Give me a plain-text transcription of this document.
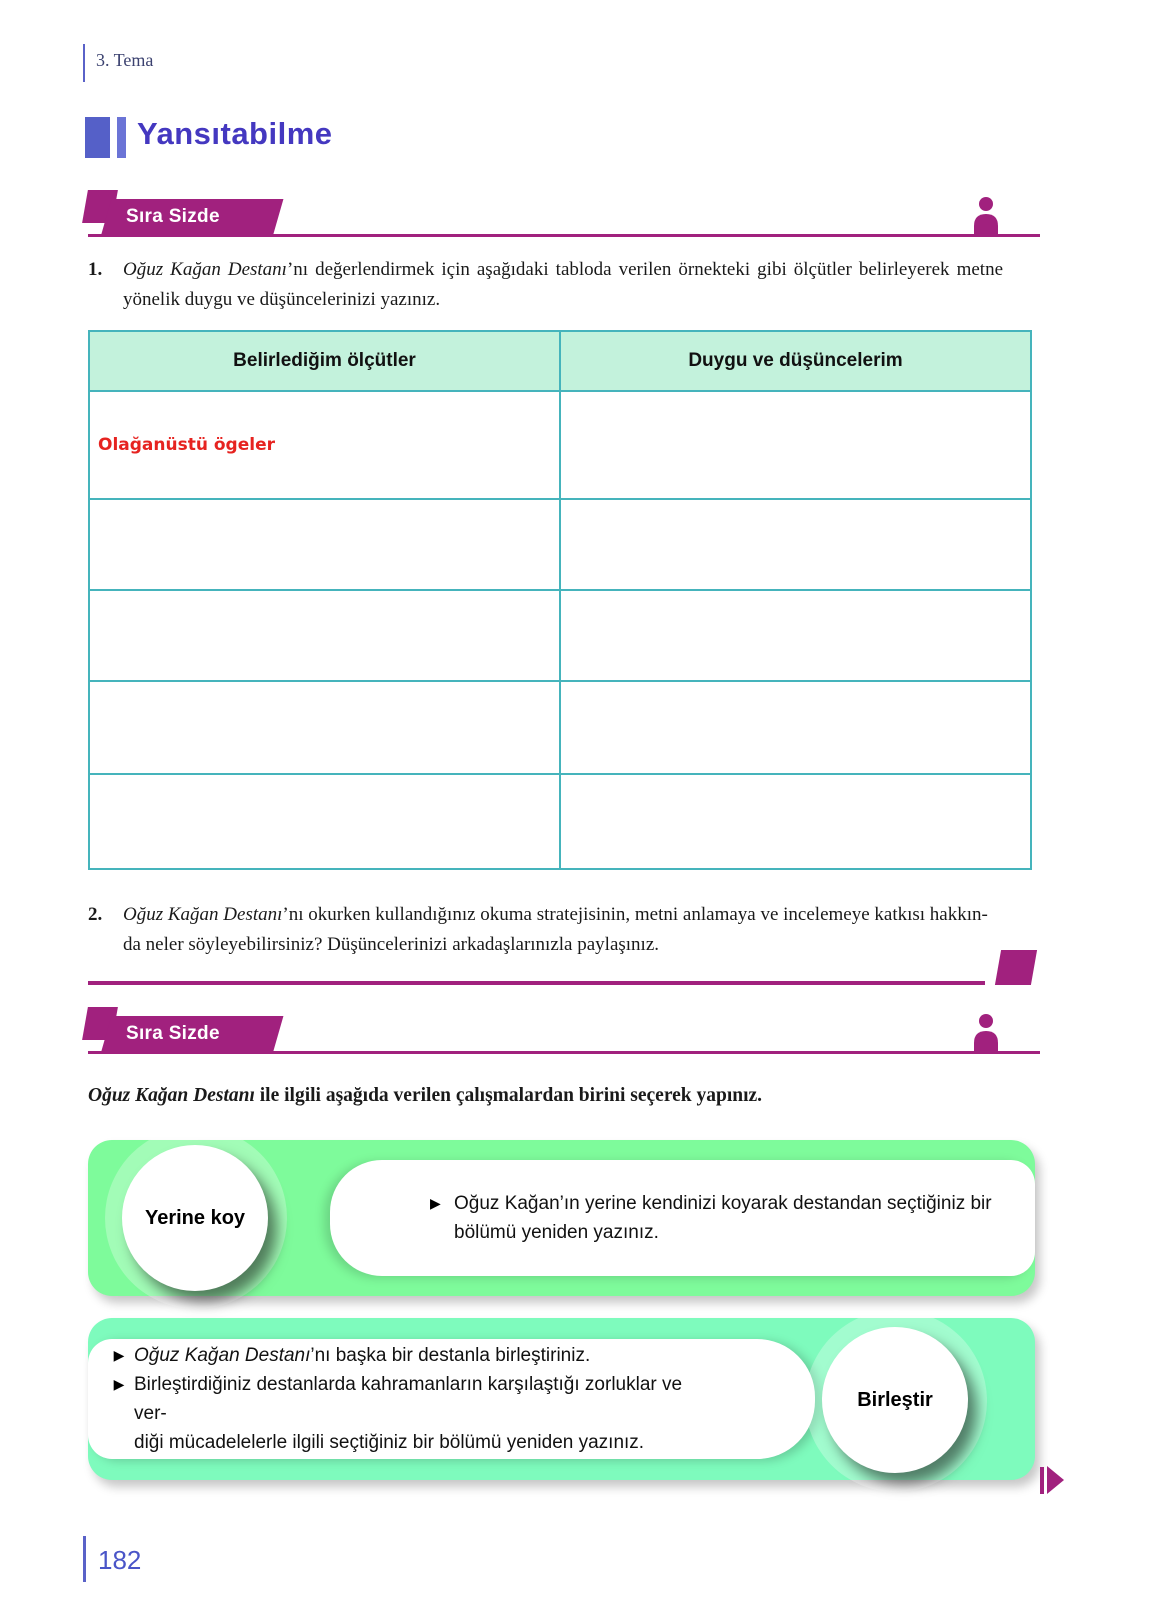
3. Tema
Yansıtabilme
Sıra Sizde
1.	Oğuz Kağan Destanı’nı değerlendirmek için aşağıdaki tabloda verilen örnekteki gibi ölçütler belirleyerek metne yönelik duygu ve düşüncelerinizi yazınız.
Belirlediğim ölçütler	Duygu ve düşüncelerim
Olağanüstü ögeler	

2.	Oğuz Kağan Destanı’nı okurken kullandığınız okuma stratejisinin, metni anlamaya ve incelemeye katkısı hakkın-
da neler söyleyebilirsiniz? Düşüncelerinizi arkadaşlarınızla paylaşınız.
Sıra Sizde
Oğuz Kağan Destanı ile ilgili aşağıda verilen çalışmalardan birini seçerek yapınız.
Yerine koy
▶ Oğuz Kağan’ın yerine kendinizi koyarak destandan seçtiğiniz bir bölümü yeniden yazınız.
▶ Oğuz Kağan Destanı’nı başka bir destanla birleştiriniz.
▶ Birleştirdiğiniz destanlarda kahramanların karşılaştığı zorluklar ve ver-
diği mücadelelerle ilgili seçtiğiniz bir bölümü yeniden yazınız.
Birleştir
182
